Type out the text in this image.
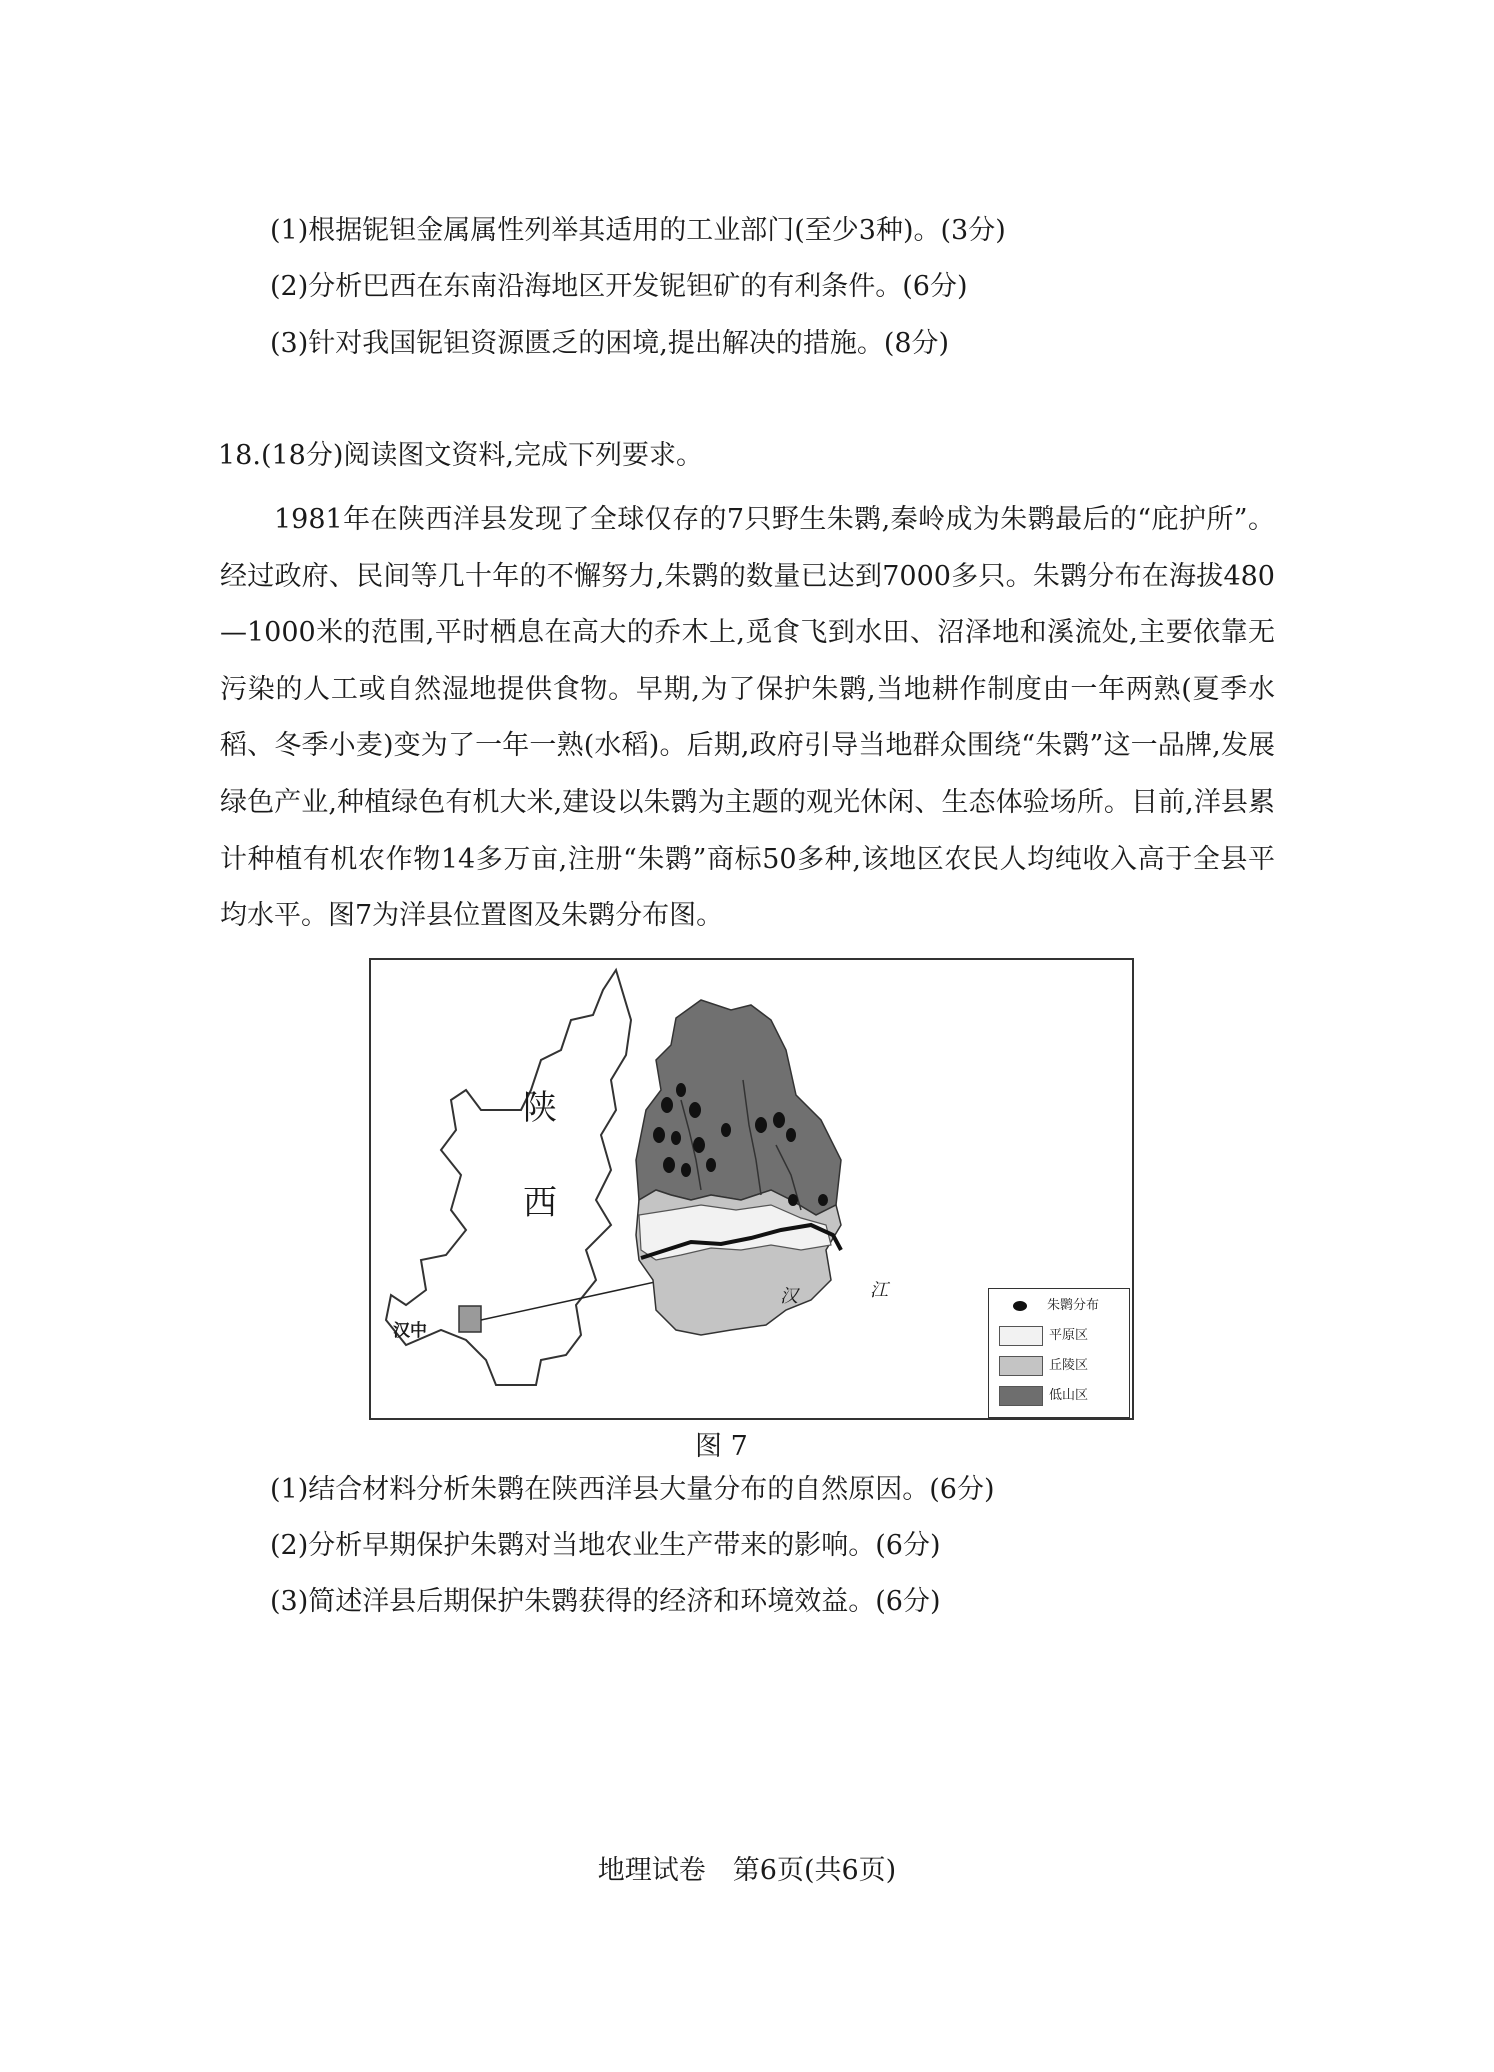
(1)根据铌钽金属属性列举其适用的工业部门(至少3种)。(3分)
(2)分析巴西在东南沿海地区开发铌钽矿的有利条件。(6分)
(3)针对我国铌钽资源匮乏的困境,提出解决的措施。(8分)
18.(18分)阅读图文资料,完成下列要求。
1981年在陕西洋县发现了全球仅存的7只野生朱鹮,秦岭成为朱鹮最后的“庇护所”。经过政府、民间等几十年的不懈努力,朱鹮的数量已达到7000多只。朱鹮分布在海拔480—1000米的范围,平时栖息在高大的乔木上,觅食飞到水田、沼泽地和溪流处,主要依靠无污染的人工或自然湿地提供食物。早期,为了保护朱鹮,当地耕作制度由一年两熟(夏季水稻、冬季小麦)变为了一年一熟(水稻)。后期,政府引导当地群众围绕“朱鹮”这一品牌,发展绿色产业,种植绿色有机大米,建设以朱鹮为主题的观光休闲、生态体验场所。目前,洋县累计种植有机农作物14多万亩,注册“朱鹮”商标50多种,该地区农民人均纯收入高于全县平均水平。图7为洋县位置图及朱鹮分布图。
陕
西
汉中
汉	江
朱鹮分布
平原区
丘陵区
低山区
图 7
(1)结合材料分析朱鹮在陕西洋县大量分布的自然原因。(6分)
(2)分析早期保护朱鹮对当地农业生产带来的影响。(6分)
(3)简述洋县后期保护朱鹮获得的经济和环境效益。(6分)
地理试卷　第6页(共6页)
